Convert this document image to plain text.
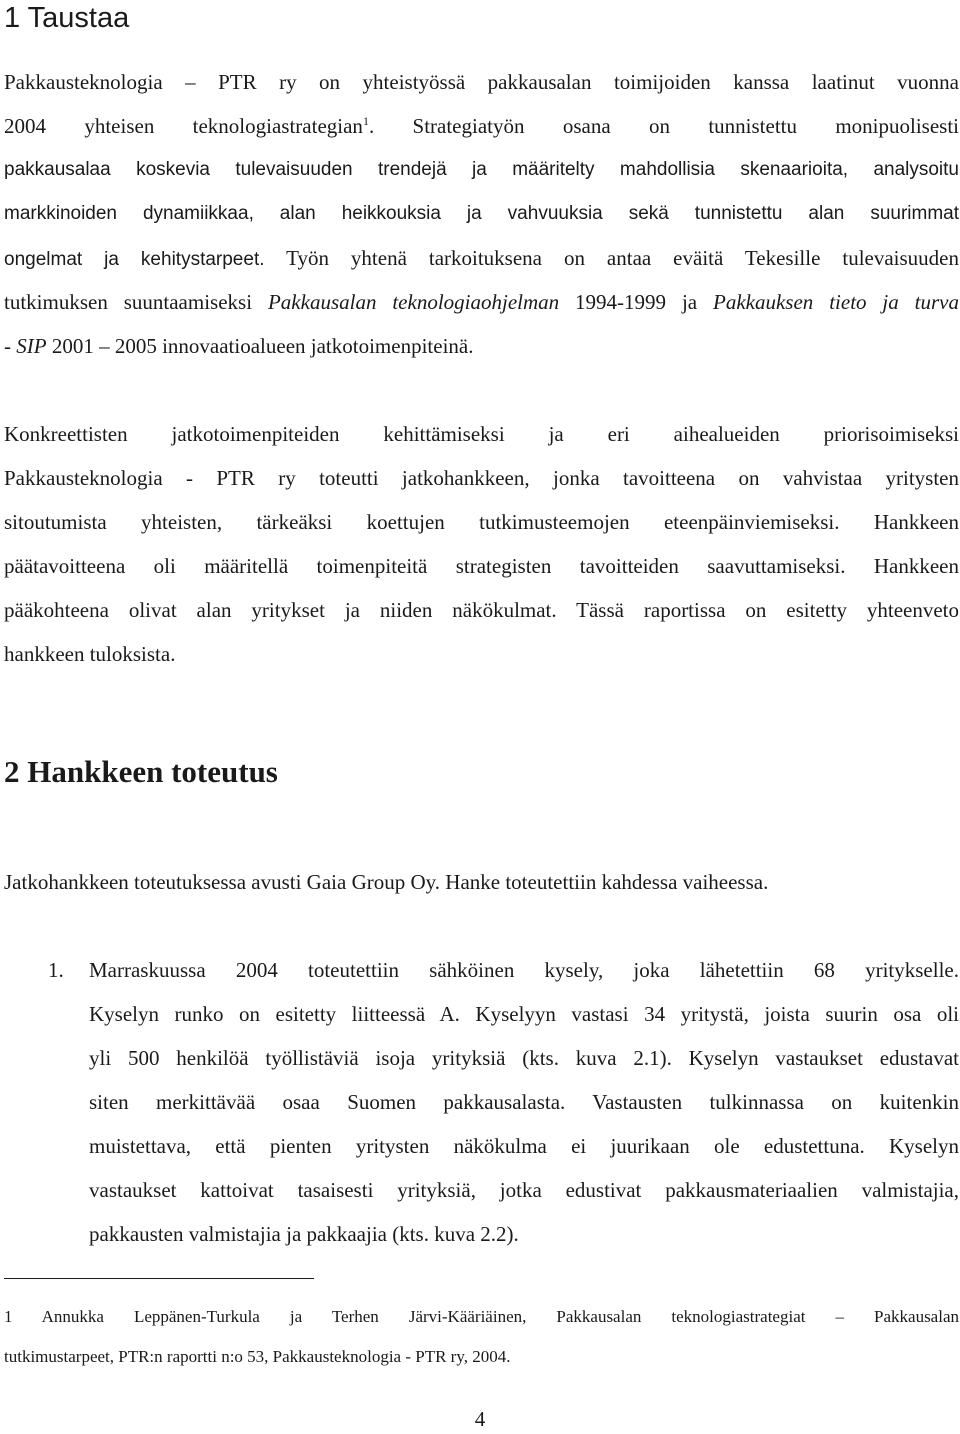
1 Taustaa
Pakkausteknologia – PTR ry on yhteistyössä pakkausalan toimijoiden kanssa laatinut vuonna
2004 yhteisen teknologiastrategian$^1$. Strategiatyön osana on tunnistettu monipuolisesti
pakkausalaa koskevia tulevaisuuden trendejä ja määritelty mahdollisia skenaarioita, analysoitu
markkinoiden dynamiikkaa, alan heikkouksia ja vahvuuksia sekä tunnistettu alan suurimmat
ongelmat ja kehitystarpeet. Työn yhtenä tarkoituksena on antaa eväitä Tekesille tulevaisuuden
tutkimuksen suuntaamiseksi Pakkausalan teknologiaohjelman 1994-1999 ja Pakkauksen tieto ja turva
- SIP 2001 – 2005 innovaatioalueen jatkotoimenpiteinä.
Konkreettisten jatkotoimenpiteiden kehittämiseksi ja eri aihealueiden priorisoimiseksi
Pakkausteknologia - PTR ry toteutti jatkohankkeen, jonka tavoitteena on vahvistaa yritysten
sitoutumista yhteisten, tärkeäksi koettujen tutkimusteemojen eteenpäinviemiseksi. Hankkeen
päätavoitteena oli määritellä toimenpiteitä strategisten tavoitteiden saavuttamiseksi. Hankkeen
pääkohteena olivat alan yritykset ja niiden näkökulmat. Tässä raportissa on esitetty yhteenveto
hankkeen tuloksista.
2 Hankkeen toteutus
Jatkohankkeen toteutuksessa avusti Gaia Group Oy. Hanke toteutettiin kahdessa vaiheessa.
1. Marraskuussa 2004 toteutettiin sähköinen kysely, joka lähetettiin 68 yritykselle.
Kyselyn runko on esitetty liitteessä A. Kyselyyn vastasi 34 yritystä, joista suurin osa oli
yli 500 henkilöä työllistäviä isoja yrityksiä (kts. kuva 2.1). Kyselyn vastaukset edustavat
siten merkittävää osaa Suomen pakkausalasta. Vastausten tulkinnassa on kuitenkin
muistettava, että pienten yritysten näkökulma ei juurikaan ole edustettuna. Kyselyn
vastaukset kattoivat tasaisesti yrityksiä, jotka edustivat pakkausmateriaalien valmistajia,
pakkausten valmistajia ja pakkaajia (kts. kuva 2.2).
1 Annukka Leppänen-Turkula ja Terhen Järvi-Kääriäinen, Pakkausalan teknologiastrategiat – Pakkausalan
tutkimustarpeet, PTR:n raportti n:o 53, Pakkausteknologia - PTR ry, 2004.
4
